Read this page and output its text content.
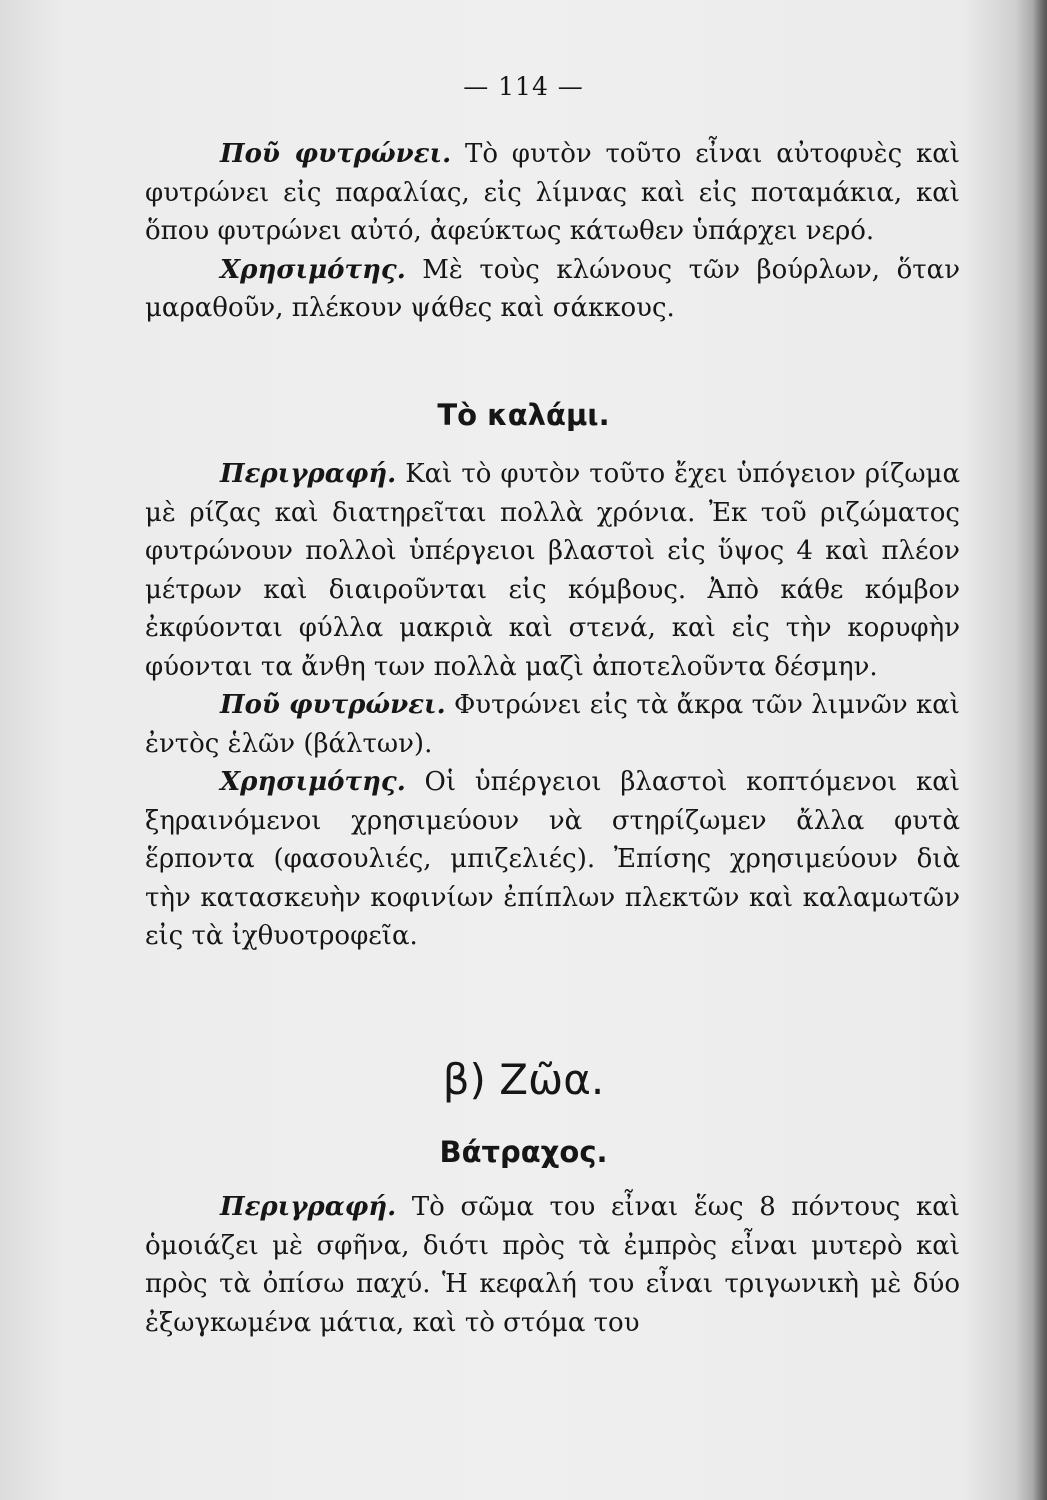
— 114 —

Ποῦ φυτρώνει. Τὸ φυτὸν τοῦτο εἶναι αὐτοφυὲς καὶ φυτρώνει εἰς παραλίας, εἰς λίμνας καὶ εἰς ποταμάκια, καὶ ὅπου φυτρώνει αὐτό, ἀφεύκτως κάτωθεν ὑπάρχει νερό.

Χρησιμότης. Μὲ τοὺς κλώνους τῶν βούρλων, ὅταν μαραθοῦν, πλέκουν ψάθες καὶ σάκκους.

Τὸ καλάμι.

Περιγραφή. Καὶ τὸ φυτὸν τοῦτο ἔχει ὑπόγειον ρίζωμα μὲ ρίζας καὶ διατηρεῖται πολλὰ χρόνια. Ἐκ τοῦ ριζώματος φυτρώνουν πολλοὶ ὑπέργειοι βλαστοὶ εἰς ὕψος 4 καὶ πλέον μέτρων καὶ διαιροῦνται εἰς κόμβους. Ἀπὸ κάθε κόμβον ἐκφύονται φύλλα μακριὰ καὶ στενά, καὶ εἰς τὴν κορυφὴν φύονται τα ἄνθη των πολλὰ μαζὶ ἀποτελοῦντα δέσμην.

Ποῦ φυτρώνει. Φυτρώνει εἰς τὰ ἄκρα τῶν λιμνῶν καὶ ἐντὸς ἑλῶν (βάλτων).

Χρησιμότης. Οἱ ὑπέργειοι βλαστοὶ κοπτόμενοι καὶ ξηραινόμενοι χρησιμεύουν νὰ στηρίζωμεν ἄλλα φυτὰ ἕρποντα (φασουλιές, μπιζελιές). Ἐπίσης χρησιμεύουν διὰ τὴν κατασκευὴν κοφινίων ἐπίπλων πλεκτῶν καὶ καλαμωτῶν εἰς τὰ ἰχθυοτροφεῖα.

β) Ζῶα.
Βάτραχος.

Περιγραφή. Τὸ σῶμα του εἶναι ἕως 8 πόντους καὶ ὁμοιάζει μὲ σφῆνα, διότι πρὸς τὰ ἐμπρὸς εἶναι μυτερὸ καὶ πρὸς τὰ ὀπίσω παχύ. Ἡ κεφαλή του εἶναι τριγωνικὴ μὲ δύο ἐξωγκωμένα μάτια, καὶ τὸ στόμα του
